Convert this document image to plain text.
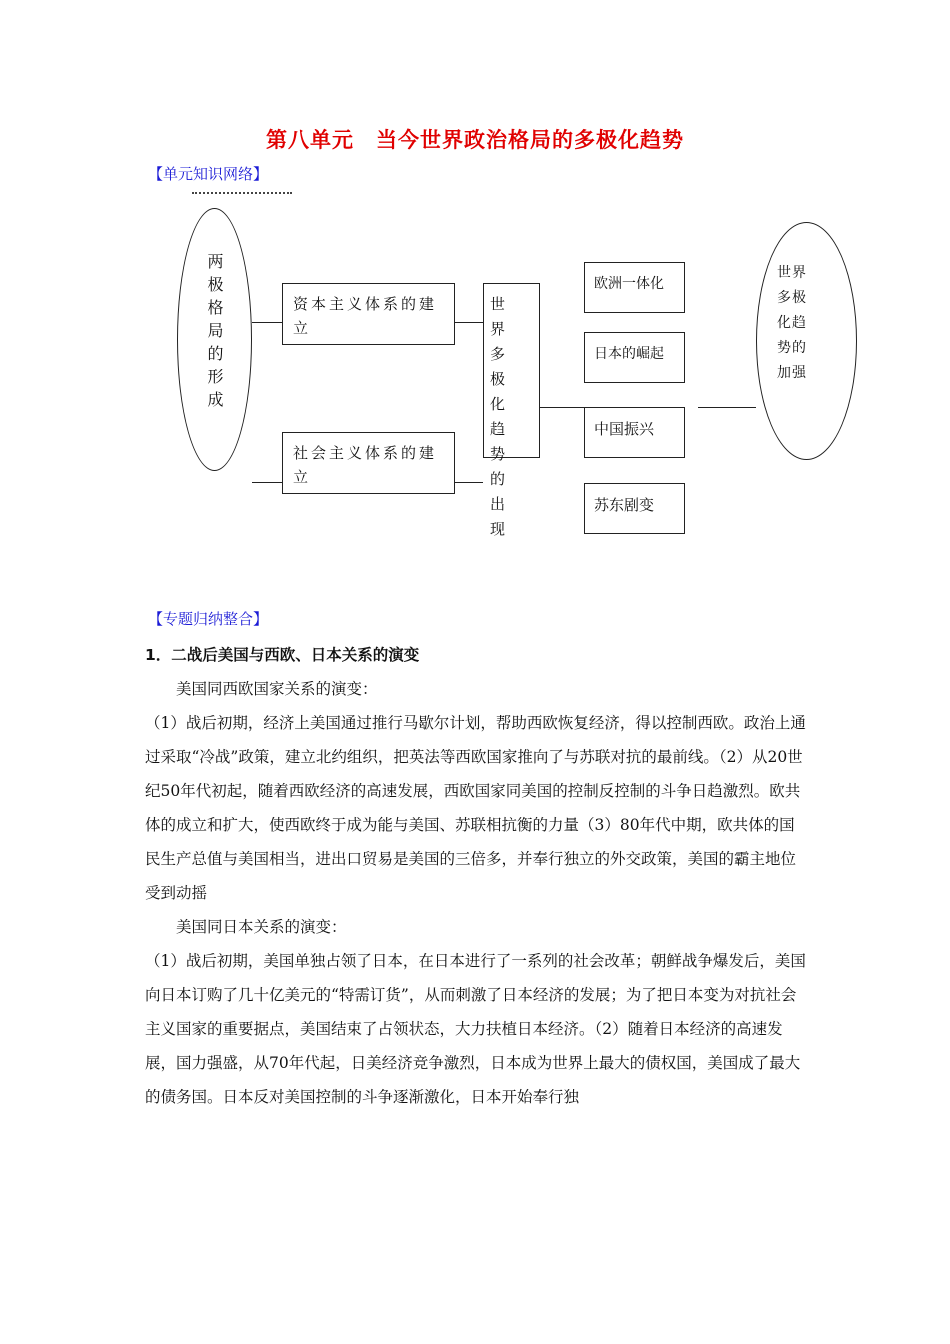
第八单元　当今世界政治格局的多极化趋势
【单元知识网络】
两极格局的形成	资本主义体系的建立
社会主义体系的建立
世界多极化趋势的出现
欧洲一体化
日本的崛起
中国振兴
苏东剧变
世界多极化趋势的加强
【专题归纳整合】
1．二战后美国与西欧、日本关系的演变

美国同西欧国家关系的演变：

（1）战后初期，经济上美国通过推行马歇尔计划，帮助西欧恢复经济，得以控制西欧。政治上通过采取“冷战”政策，建立北约组织，把英法等西欧国家推向了与苏联对抗的最前线。（2）从20世纪50年代初起，随着西欧经济的高速发展，西欧国家同美国的控制反控制的斗争日趋激烈。欧共体的成立和扩大，使西欧终于成为能与美国、苏联相抗衡的力量（3）80年代中期，欧共体的国民生产总值与美国相当，进出口贸易是美国的三倍多，并奉行独立的外交政策，美国的霸主地位受到动摇

美国同日本关系的演变：

（1）战后初期，美国单独占领了日本，在日本进行了一系列的社会改革；朝鲜战争爆发后，美国向日本订购了几十亿美元的“特需订货”，从而刺激了日本经济的发展；为了把日本变为对抗社会主义国家的重要据点，美国结束了占领状态，大力扶植日本经济。（2）随着日本经济的高速发展，国力强盛，从70年代起，日美经济竞争激烈，日本成为世界上最大的债权国，美国成了最大的债务国。日本反对美国控制的斗争逐渐激化，日本开始奉行独
